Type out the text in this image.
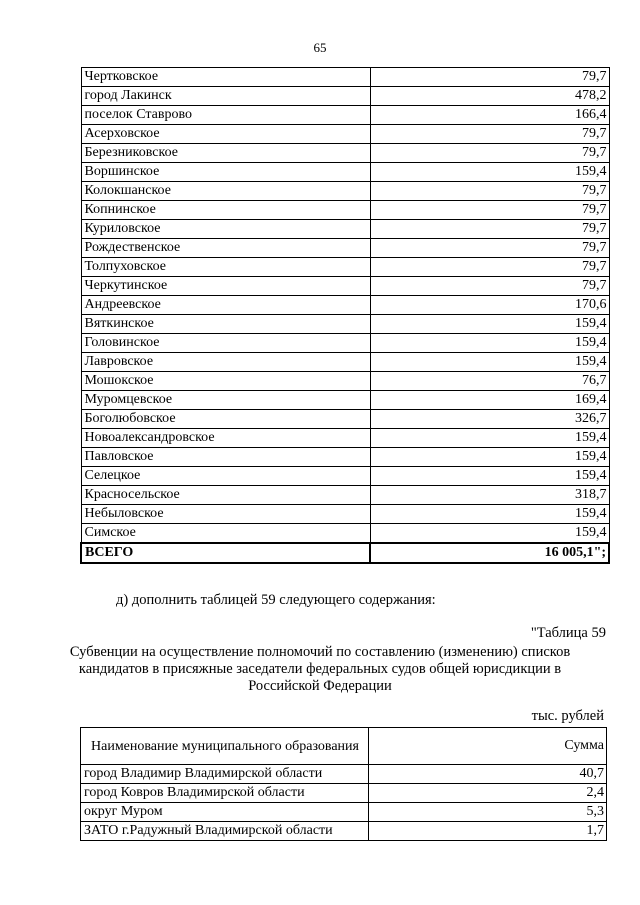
65
Чертковское	79,7
город Лакинск	478,2
поселок Ставрово	166,4
Асерховское	79,7
Березниковское	79,7
Воршинское	159,4
Колокшанское	79,7
Копнинское	79,7
Куриловское	79,7
Рождественское	79,7
Толпуховское	79,7
Черкутинское	79,7
Андреевское	170,6
Вяткинское	159,4
Головинское	159,4
Лавровское	159,4
Мошокское	76,7
Муромцевское	169,4
Боголюбовское	326,7
Новоалександровское	159,4
Павловское	159,4
Селецкое	159,4
Красносельское	318,7
Небыловское	159,4
Симское	159,4
ВСЕГО	16 005,1";
д) дополнить таблицей 59 следующего содержания:
"Таблица 59
Субвенции на осуществление полномочий по составлению (изменению) списков
кандидатов в присяжные заседатели федеральных судов общей юрисдикции в
Российской Федерации
тыс. рублей
Наименование муниципального образования	Сумма
город Владимир Владимирской области	40,7
город Ковров Владимирской области	2,4
округ Муром	5,3
ЗАТО г.Радужный Владимирской области	1,7
